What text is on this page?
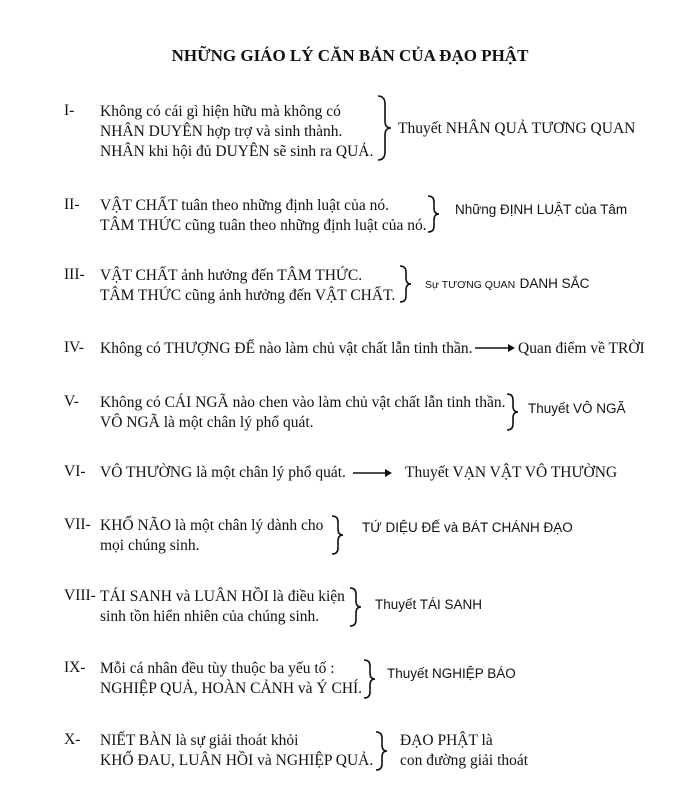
NHỮNG GIÁO LÝ CĂN BẢN CỦA ĐẠO PHẬT
I- Không có cái gì hiện hữu mà không có
NHÂN DUYÊN hợp trợ và sinh thành.
NHÂN khi hội đủ DUYÊN sẽ sinh ra QUẢ.
Thuyết NHÂN QUẢ TƯƠNG QUAN
II- VẬT CHẤT tuân theo những định luật của nó.
TÂM THỨC cũng tuân theo những định luật của nó.
Những ĐỊNH LUẬT của Tâm
III- VẬT CHẤT ảnh hưởng đến TÂM THỨC.
TÂM THỨC cũng ảnh hưởng đến VẬT CHẤT.
Sự TƯƠNG QUAN DANH SẮC
IV- Không có THƯỢNG ĐẾ nào làm chủ vật chất lẫn tinh thần.	Quan điểm về TRỜI
V- Không có CÁI NGÃ nào chen vào làm chủ vật chất lẫn tinh thần.
VÔ NGÃ là một chân lý phổ quát.
Thuyết VÔ NGÃ
VI- VÔ THƯỜNG là một chân lý phổ quát.	Thuyết VẠN VẬT VÔ THƯỜNG
VII- KHỔ NÃO là một chân lý dành cho
mọi chúng sinh.
TỨ DIỆU ĐẾ và BÁT CHÁNH ĐẠO
VIII- TÁI SANH và LUÂN HỒI là điều kiện
sinh tồn hiển nhiên của chúng sinh.
Thuyết TÁI SANH
IX- Mỗi cá nhân đều tùy thuộc ba yếu tố :
NGHIỆP QUẢ, HOÀN CẢNH và Ý CHÍ.
Thuyết NGHIỆP BÁO
X- NIẾT BÀN là sự giải thoát khỏi
KHỔ ĐAU, LUÂN HỒI và NGHIỆP QUẢ.
ĐẠO PHẬT là
con đường giải thoát
